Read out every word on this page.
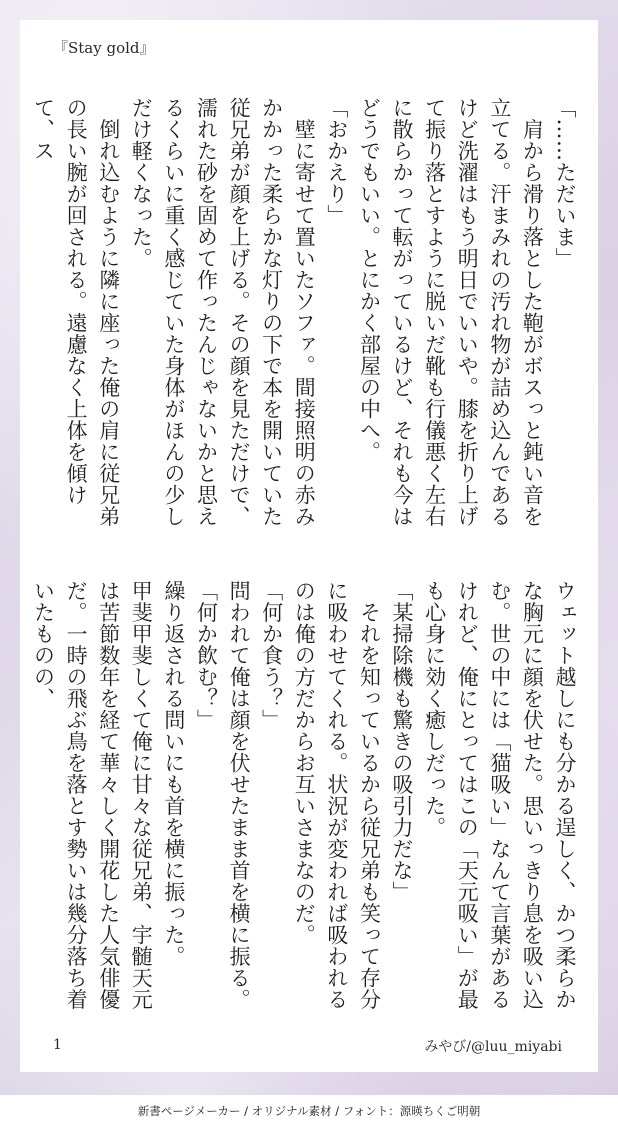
『Stay gold』

「……ただいま」

　肩から滑り落とした鞄がボスっと鈍い音を立てる。汗まみれの汚れ物が詰め込んであるけど洗濯はもう明日でいいや。膝を折り上げて振り落とすように脱いだ靴も行儀悪く左右に散らかって転がっているけど、それも今はどうでもいい。とにかく部屋の中へ。

「おかえり」

　壁に寄せて置いたソファ。間接照明の赤みかかった柔らかな灯りの下で本を開いていた従兄弟が顔を上げる。その顔を見ただけで、濡れた砂を固めて作ったんじゃないかと思えるくらいに重く感じていた身体がほんの少しだけ軽くなった。

　倒れ込むように隣に座った俺の肩に従兄弟の長い腕が回される。遠慮なく上体を傾けて、ス

ウェット越しにも分かる逞しく、かつ柔らかな胸元に顔を伏せた。思いっきり息を吸い込む。世の中には「猫吸い」なんて言葉があるけれど、俺にとってはこの「天元吸い」が最も心身に効く癒しだった。

「某掃除機も驚きの吸引力だな」

　それを知っているから従兄弟も笑って存分に吸わせてくれる。状況が変われば吸われるのは俺の方だからお互いさまなのだ。

「何か食う？」

問われて俺は顔を伏せたまま首を横に振る。

「何か飲む？」

繰り返される問いにも首を横に振った。

甲斐甲斐しくて俺に甘々な従兄弟、宇髄天元は苦節数年を経て華々しく開花した人気俳優だ。一時の飛ぶ鳥を落とす勢いは幾分落ち着いたものの、

1	みやび/@luu_miyabi

新書ページメーカー / オリジナル素材 / フォント：源暎ちくご明朝
